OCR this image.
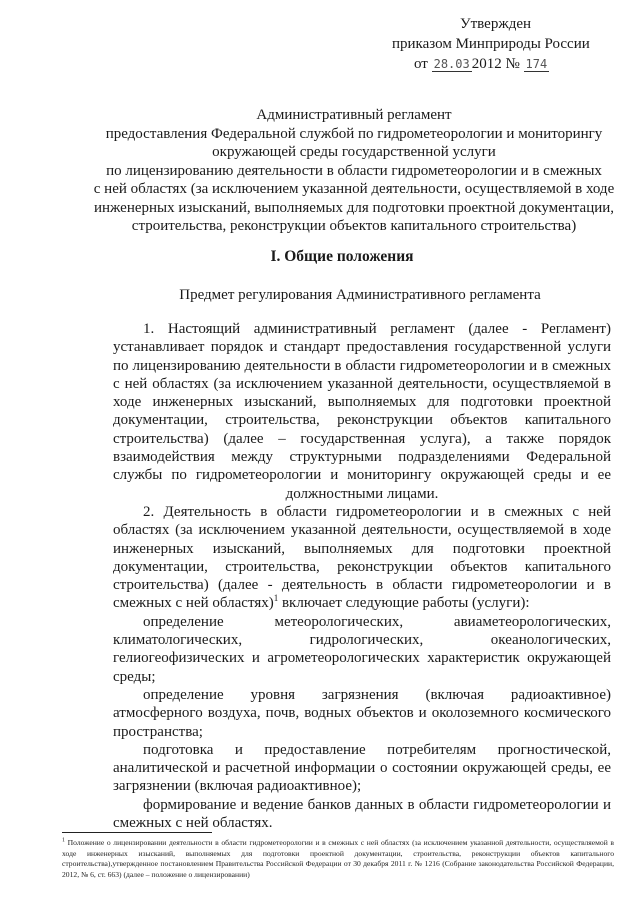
Утвержден
приказом Минприроды России
от 28.03 2012 № 174
Административный регламент
предоставления Федеральной службой по гидрометеорологии и мониторингу
окружающей среды государственной услуги
по лицензированию деятельности в области гидрометеорологии и в смежных
с ней областях (за исключением указанной деятельности, осуществляемой в ходе
инженерных изысканий, выполняемых для подготовки проектной документации,
строительства, реконструкции объектов капитального строительства)
I. Общие положения
Предмет регулирования Административного регламента

1. Настоящий административный регламент (далее - Регламент) устанавливает порядок и стандарт предоставления государственной услуги по лицензированию деятельности в области гидрометеорологии и в смежных с ней областях (за исключением указанной деятельности, осуществляемой в ходе инженерных изысканий, выполняемых для подготовки проектной документации, строительства, реконструкции объектов капитального строительства) (далее – государственная услуга), а также порядок взаимодействия между структурными подразделениями Федеральной службы по гидрометеорологии и мониторингу окружающей среды и ее должностными лицами.

2. Деятельность в области гидрометеорологии и в смежных с ней областях (за исключением указанной деятельности, осуществляемой в ходе инженерных изысканий, выполняемых для подготовки проектной документации, строительства, реконструкции объектов капитального строительства) (далее - деятельность в области гидрометеорологии и в смежных с ней областях)$^1$ включает следующие работы (услуги):

определение метеорологических, авиаметеорологических, климатологических, гидрологических, океанологических, гелиогеофизических и агрометеорологических характеристик окружающей среды;

определение уровня загрязнения (включая радиоактивное) атмосферного воздуха, почв, водных объектов и околоземного космического пространства;

подготовка и предоставление потребителям прогностической, аналитической и расчетной информации о состоянии окружающей среды, ее загрязнении (включая радиоактивное);

формирование и ведение банков данных в области гидрометеорологии и смежных с ней областях.

$^1$ Положение о лицензировании деятельности в области гидрометеорологии и в смежных с ней областях (за исключением указанной деятельности, осуществляемой в ходе инженерных изысканий, выполняемых для подготовки проектной документации, строительства, реконструкции объектов капитального строительства),утвержденное постановлением Правительства Российской Федерации от 30 декабря 2011 г. № 1216 (Собрание законодательства Российской Федерации, 2012, № 6, ст. 663) (далее – положение о лицензировании)
